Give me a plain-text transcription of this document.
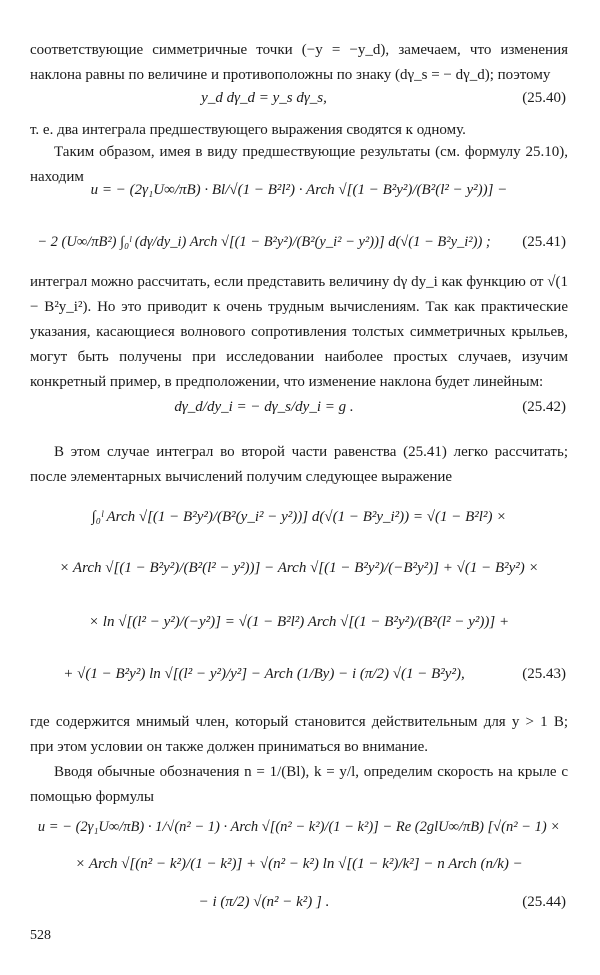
соответствующие симметричные точки (−y = −y_d), замечаем, что изменения наклона равны по величине и противоположны по знаку (dγ_s = − dγ_d); поэтому
y_d dγ_d = y_s dγ_s,	(25.40)
т. е. два интеграла предшествующего выражения сводятся к одному.
Таким образом, имея в виду предшествующие результаты (см. формулу 25.10), находим
u = − (2γ₁U∞/πB) · Bl/√(1 − B²l²) · Arch √[(1 − B²y²)/(B²(l² − y²))] −
− 2 (U∞/πB²) ∫₀ˡ (dγ/dy_i) Arch √[(1 − B²y²)/(B²(y_i² − y²))] d(√(1 − B²y_i²)) ;	(25.41)
интеграл можно рассчитать, если представить величину dγ dy_i как функцию от √(1 − B²y_i²). Но это приводит к очень трудным вычислениям. Так как практические указания, касающиеся волнового сопротивления толстых симметричных крыльев, могут быть получены при исследовании наиболее простых случаев, изучим конкретный пример, в предположении, что изменение наклона будет линейным:
dγ_d/dy_i = − dγ_s/dy_i = g .	(25.42)
В этом случае интеграл во второй части равенства (25.41) легко рассчитать; после элементарных вычислений получим следующее выражение
∫₀ˡ Arch √[(1 − B²y²)/(B²(y_i² − y²))] d(√(1 − B²y_i²)) = √(1 − B²l²) ×
× Arch √[(1 − B²y²)/(B²(l² − y²))] − Arch √[(1 − B²y²)/(−B²y²)] + √(1 − B²y²) ×
× ln √[(l² − y²)/(−y²)] = √(1 − B²l²) Arch √[(1 − B²y²)/(B²(l² − y²))] +
+ √(1 − B²y²) ln √[(l² − y²)/y²] − Arch (1/By) − i (π/2) √(1 − B²y²),	(25.43)
где содержится мнимый член, который становится действительным для y > 1 B; при этом условии он также должен приниматься во внимание.
Вводя обычные обозначения n = 1/(Bl), k = y/l, определим скорость на крыле с помощью формулы
u = − (2γ₁U∞/πB) · 1/√(n² − 1) · Arch √[(n² − k²)/(1 − k²)] − Re (2glU∞/πB) [√(n² − 1) ×
× Arch √[(n² − k²)/(1 − k²)] + √(n² − k²) ln √[(1 − k²)/k²] − n Arch (n/k) −
− i (π/2) √(n² − k²) ] .	(25.44)
528
